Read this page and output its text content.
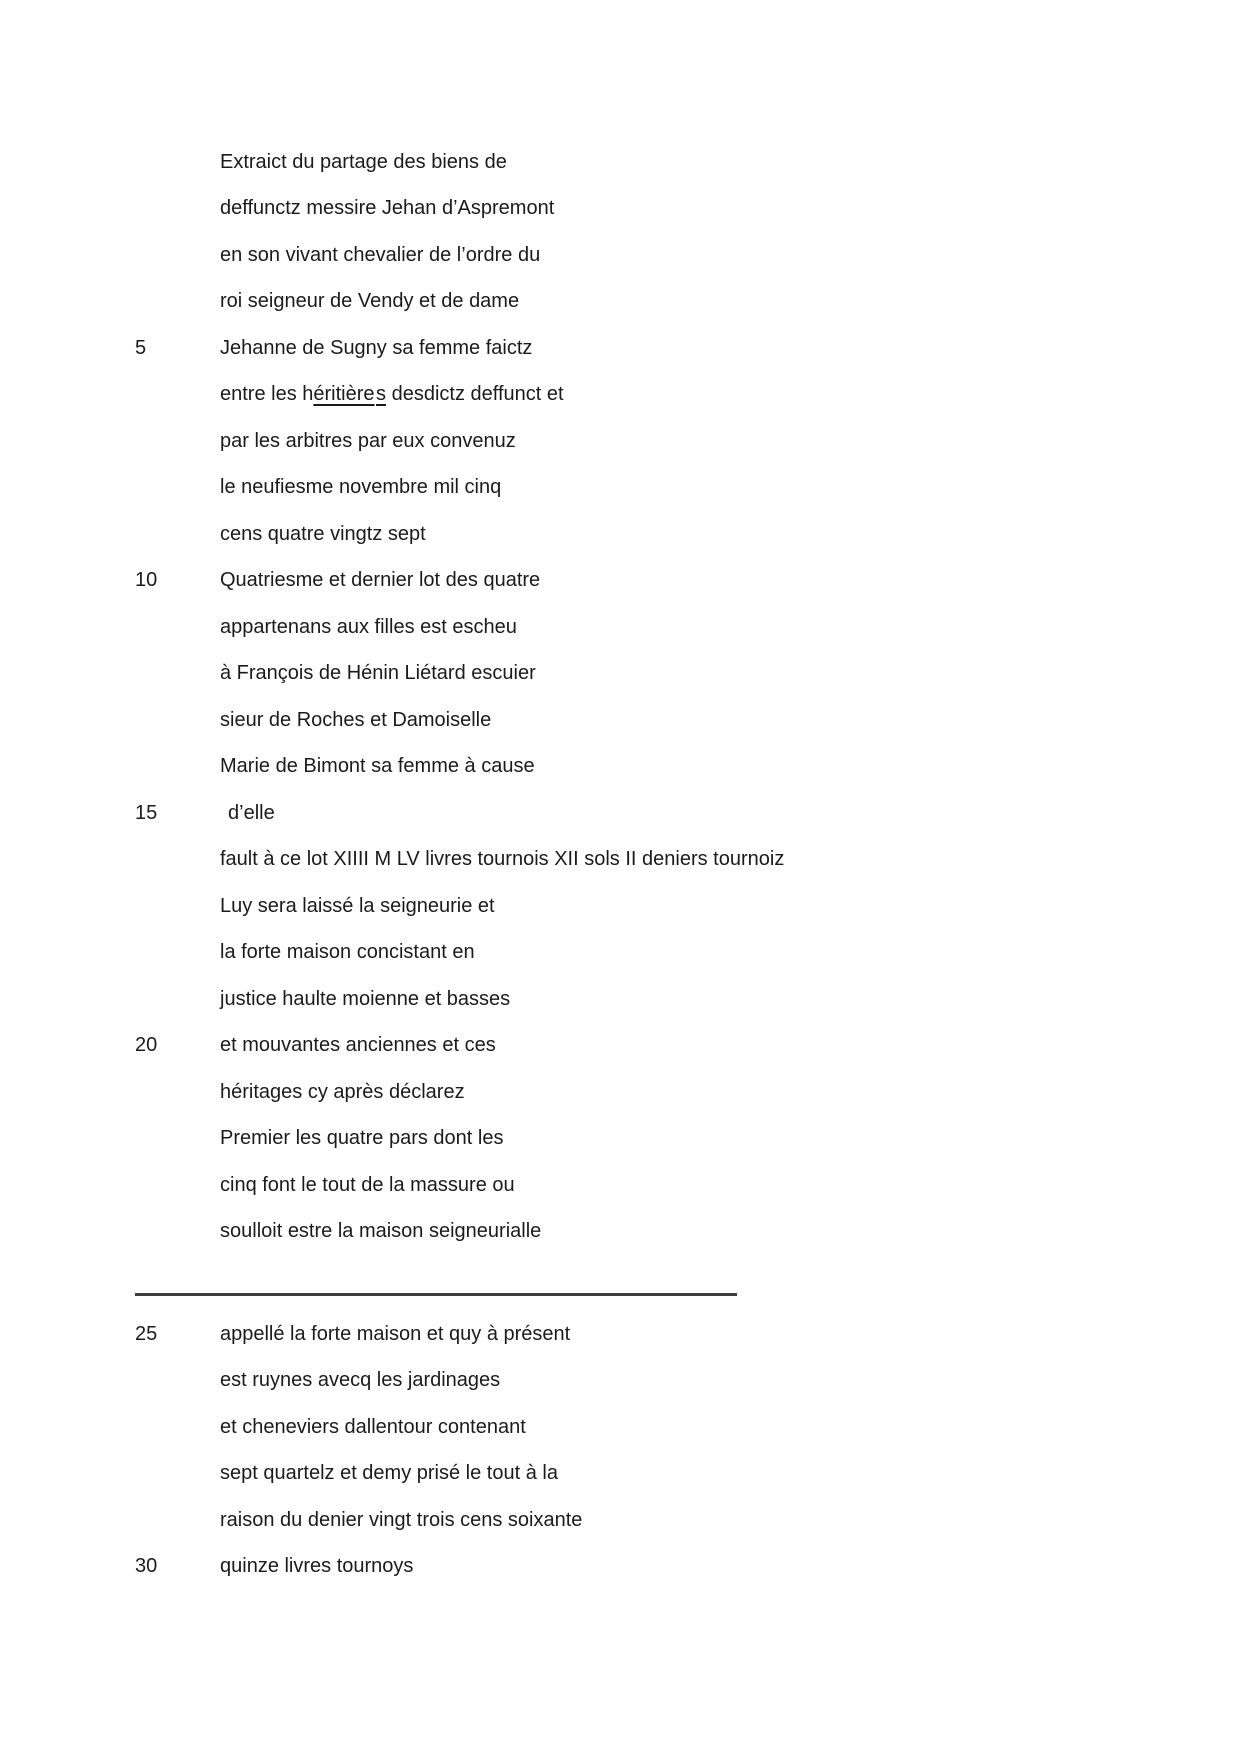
Extraict du partage des biens de
deffunctz messire Jehan d’Aspremont
en son vivant chevalier de l’ordre du
roi seigneur de Vendy et de dame
5	Jehanne de Sugny sa femme faictz
entre les héritières desdictz deffunct et
par les arbitres par eux convenuz
le neufiesme novembre mil cinq
cens quatre vingtz sept
10	Quatriesme et dernier lot des quatre
appartenans aux filles est escheu
à François de Hénin Liétard escuier
sieur de Roches et Damoiselle
Marie de Bimont sa femme à cause
15	d’elle
fault à ce lot XIIII M LV livres tournois XII sols II deniers tournoiz
Luy sera laissé la seigneurie et
la forte maison concistant en
justice haulte moienne et basses
20	et mouvantes anciennes et ces
héritages cy après déclarez
Premier les quatre pars dont les
cinq font le tout de la massure ou
soulloit estre la maison seigneurialle
25	appellé la forte maison et quy à présent
est ruynes avecq les jardinages
et cheneviers dallentour contenant
sept quartelz et demy prisé le tout à la
raison du denier vingt trois cens soixante
30	quinze livres tournoys
